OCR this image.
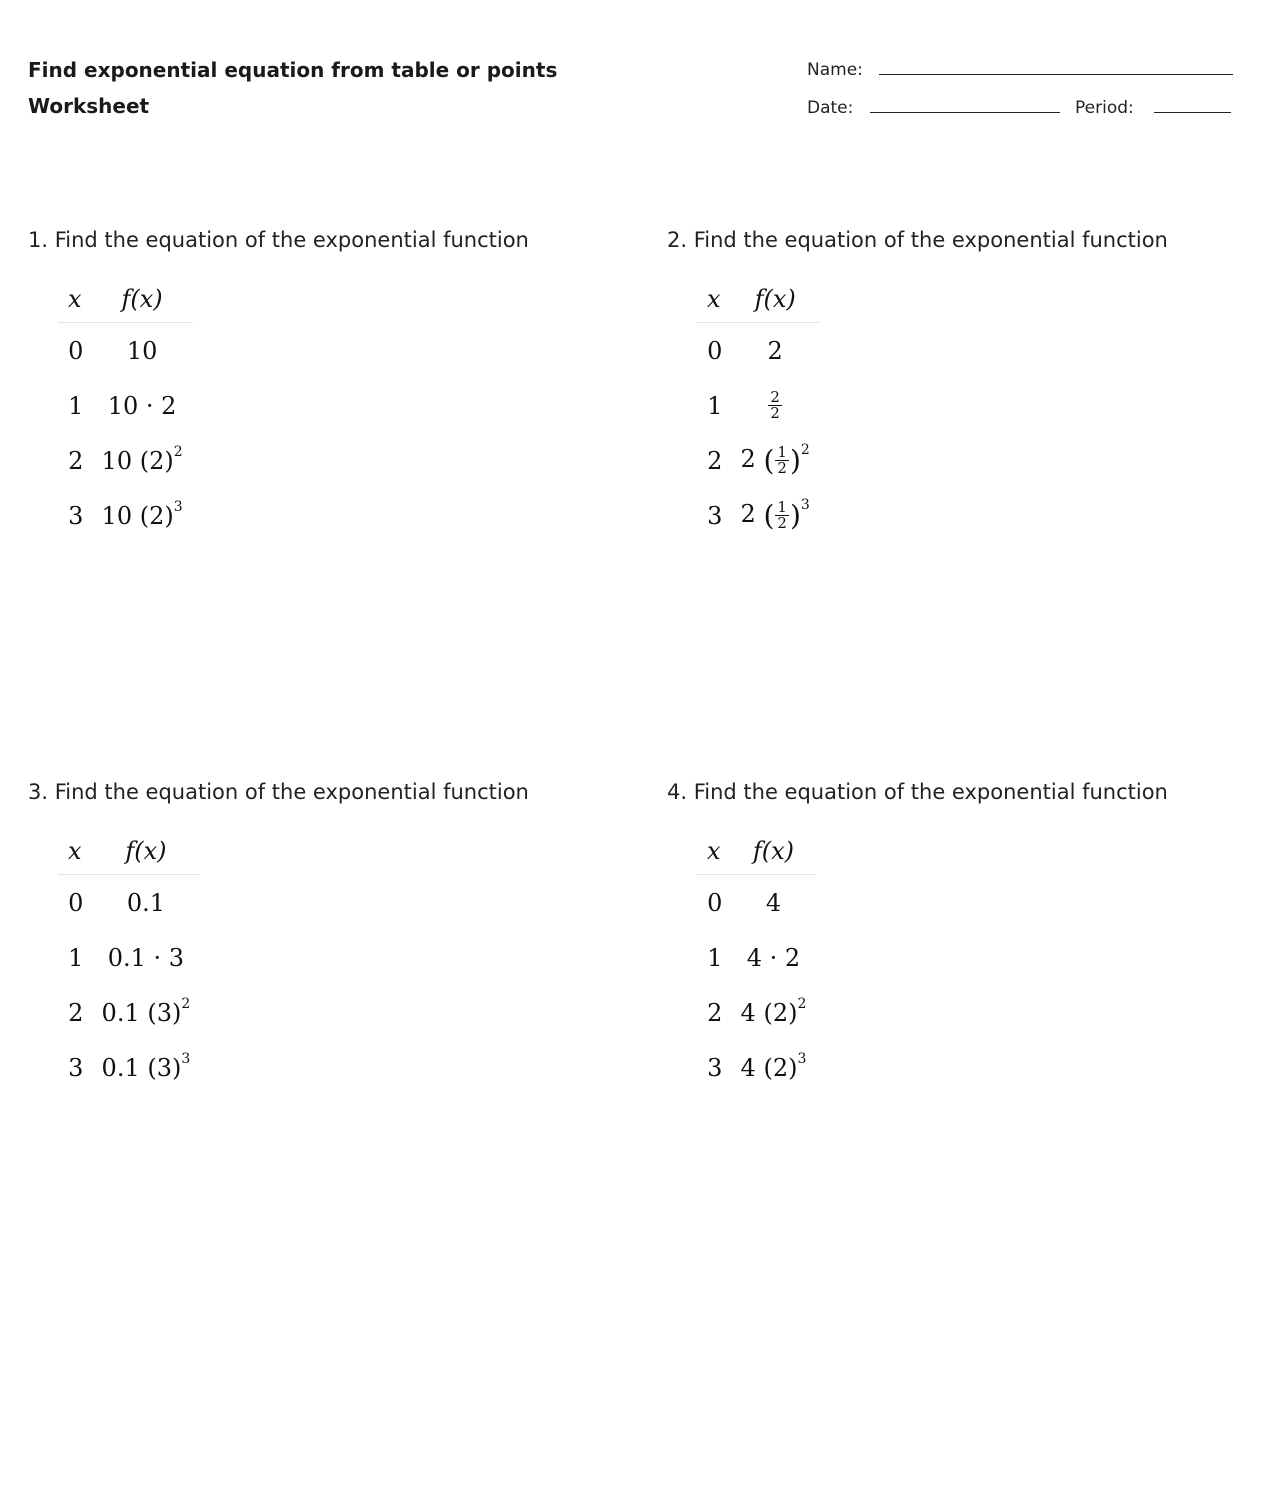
Find exponential equation from table or points
Worksheet
Name:
Date:	Period:

1. Find the equation of the exponential function

x	f(x)
0	10
1	10 · 2
2	10 $(2)^2$
3	10 $(2)^3$

2. Find the equation of the exponential function

x	f(x)
0	2
1	$\frac{2}{2}$

2	2 ( $\frac{1}{2} )^2$
3	2 ( $\frac{1}{2} )^3$

3. Find the equation of the exponential function

x	f(x)
0	0.1
1	0.1 · 3
2	0.1 $(3)^2$
3	0.1 $(3)^3$

4. Find the equation of the exponential function

x	f(x)
0	4
1	4 · 2
2	4 $(2)^2$
3	4 $(2)^3$
